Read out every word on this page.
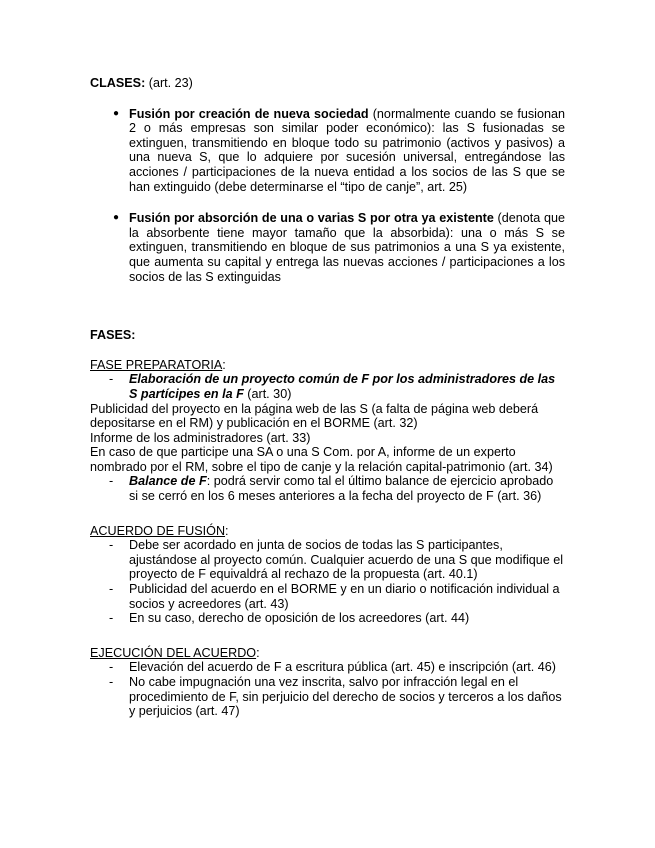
CLASES: (art. 23)

● Fusión por creación de nueva sociedad (normalmente cuando se fusionan 2 o más empresas son similar poder económico): las S fusionadas se extinguen, transmitiendo en bloque todo su patrimonio (activos y pasivos) a una nueva S, que lo adquiere por sucesión universal, entregándose las acciones / participaciones de la nueva entidad a los socios de las S que se han extinguido (debe determinarse el “tipo de canje”, art. 25)
● Fusión por absorción de una o varias S por otra ya existente (denota que la absorbente tiene mayor tamaño que la absorbida): una o más S se extinguen, transmitiendo en bloque de sus patrimonios a una S ya existente, que aumenta su capital y entrega las nuevas acciones / participaciones a los socios de las S extinguidas
FASES:
FASE PREPARATORIA:
- Elaboración de un proyecto común de F por los administradores de las S partícipes en la F (art. 30)

Publicidad del proyecto en la página web de las S (a falta de página web deberá depositarse en el RM) y publicación en el BORME (art. 32)

Informe de los administradores (art. 33)

En caso de que participe una SA o una S Com. por A, informe de un experto nombrado por el RM, sobre el tipo de canje y la relación capital-patrimonio (art. 34)

- Balance de F: podrá servir como tal el último balance de ejercicio aprobado si se cerró en los 6 meses anteriores a la fecha del proyecto de F (art. 36)
ACUERDO DE FUSIÓN:
- Debe ser acordado en junta de socios de todas las S participantes, ajustándose al proyecto común. Cualquier acuerdo de una S que modifique el proyecto de F equivaldrá al rechazo de la propuesta (art. 40.1)
- Publicidad del acuerdo en el BORME y en un diario o notificación individual a socios y acreedores (art. 43)
- En su caso, derecho de oposición de los acreedores (art. 44)
EJECUCIÓN DEL ACUERDO:
- Elevación del acuerdo de F a escritura pública (art. 45) e inscripción (art. 46)
- No cabe impugnación una vez inscrita, salvo por infracción legal en el procedimiento de F, sin perjuicio del derecho de socios y terceros a los daños y perjuicios (art. 47)
